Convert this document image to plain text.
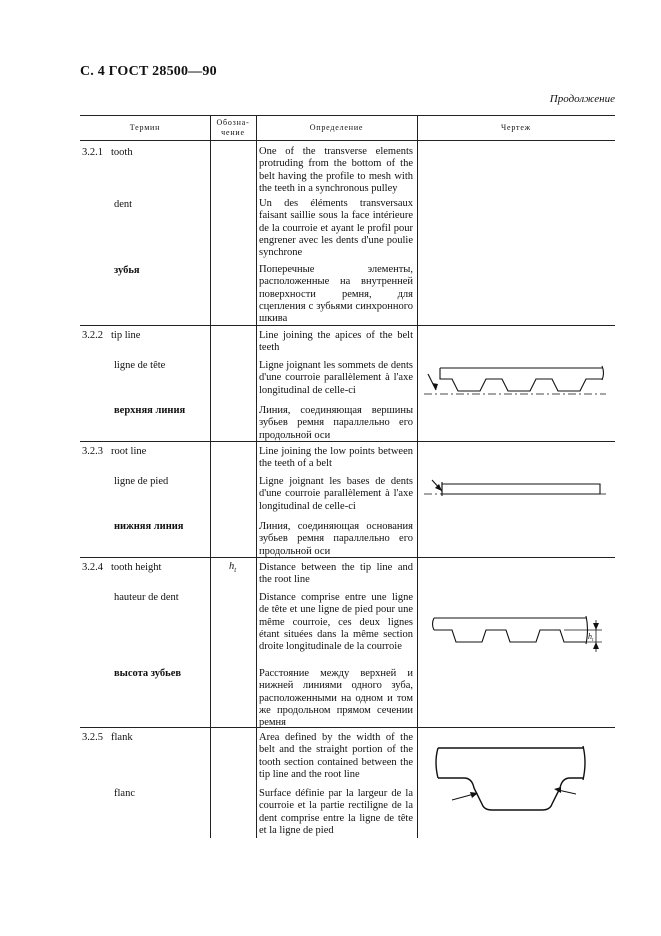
С. 4 ГОСТ 28500—90
Продолжение
Термин
Обозна-
чение
Определение	Чертеж
3.2.1 tooth
dent
зубья
One of the transverse elements protruding from the bottom of the belt having the profile to mesh with the teeth in a synchronous pulley
Un des éléments transversaux faisant saillie sous la face intérieure de la courroie et ayant le profil pour engrener avec les dents d'une poulie synchrone
Поперечные элементы, расположенные на внутренней поверхности ремня, для сцепления с зубьями синхронного шкива
3.2.2 tip line
ligne de tête
верхняя линия
Line joining the apices of the belt teeth
Ligne joignant les sommets de dents d'une courroie parallèlement à l'axe longitudinal de celle-ci
Линия, соединяющая вершины зубьев ремня параллельно его продольной оси
3.2.3 root line
ligne de pied
нижняя линия
Line joining the low points between the teeth of a belt
Ligne joignant les bases de dents d'une courroie parallèlement à l'axe longitudinal de celle-ci
Линия, соединяющая основания зубьев ремня параллельно его продольной оси
3.2.4 tooth height
hauteur de dent
высота зубьев
$h_t$ Distance between the tip line and the root line
Distance comprise entre une ligne de tête et une ligne de pied pour une même courroie, ces deux lignes étant situées dans la même section droite longitudinale de la courroie
Расстояние между верхней и нижней линиями одного зуба, расположенными на одном и том же продольном прямом сечении ремня
3.2.5 flank
flanc
Area defined by the width of the belt and the straight portion of the tooth section contained between the tip line and the root line
Surface définie par la largeur de la courroie et la partie rectiligne de la dent comprise entre la ligne de tête et la ligne de pied
$h_t$
